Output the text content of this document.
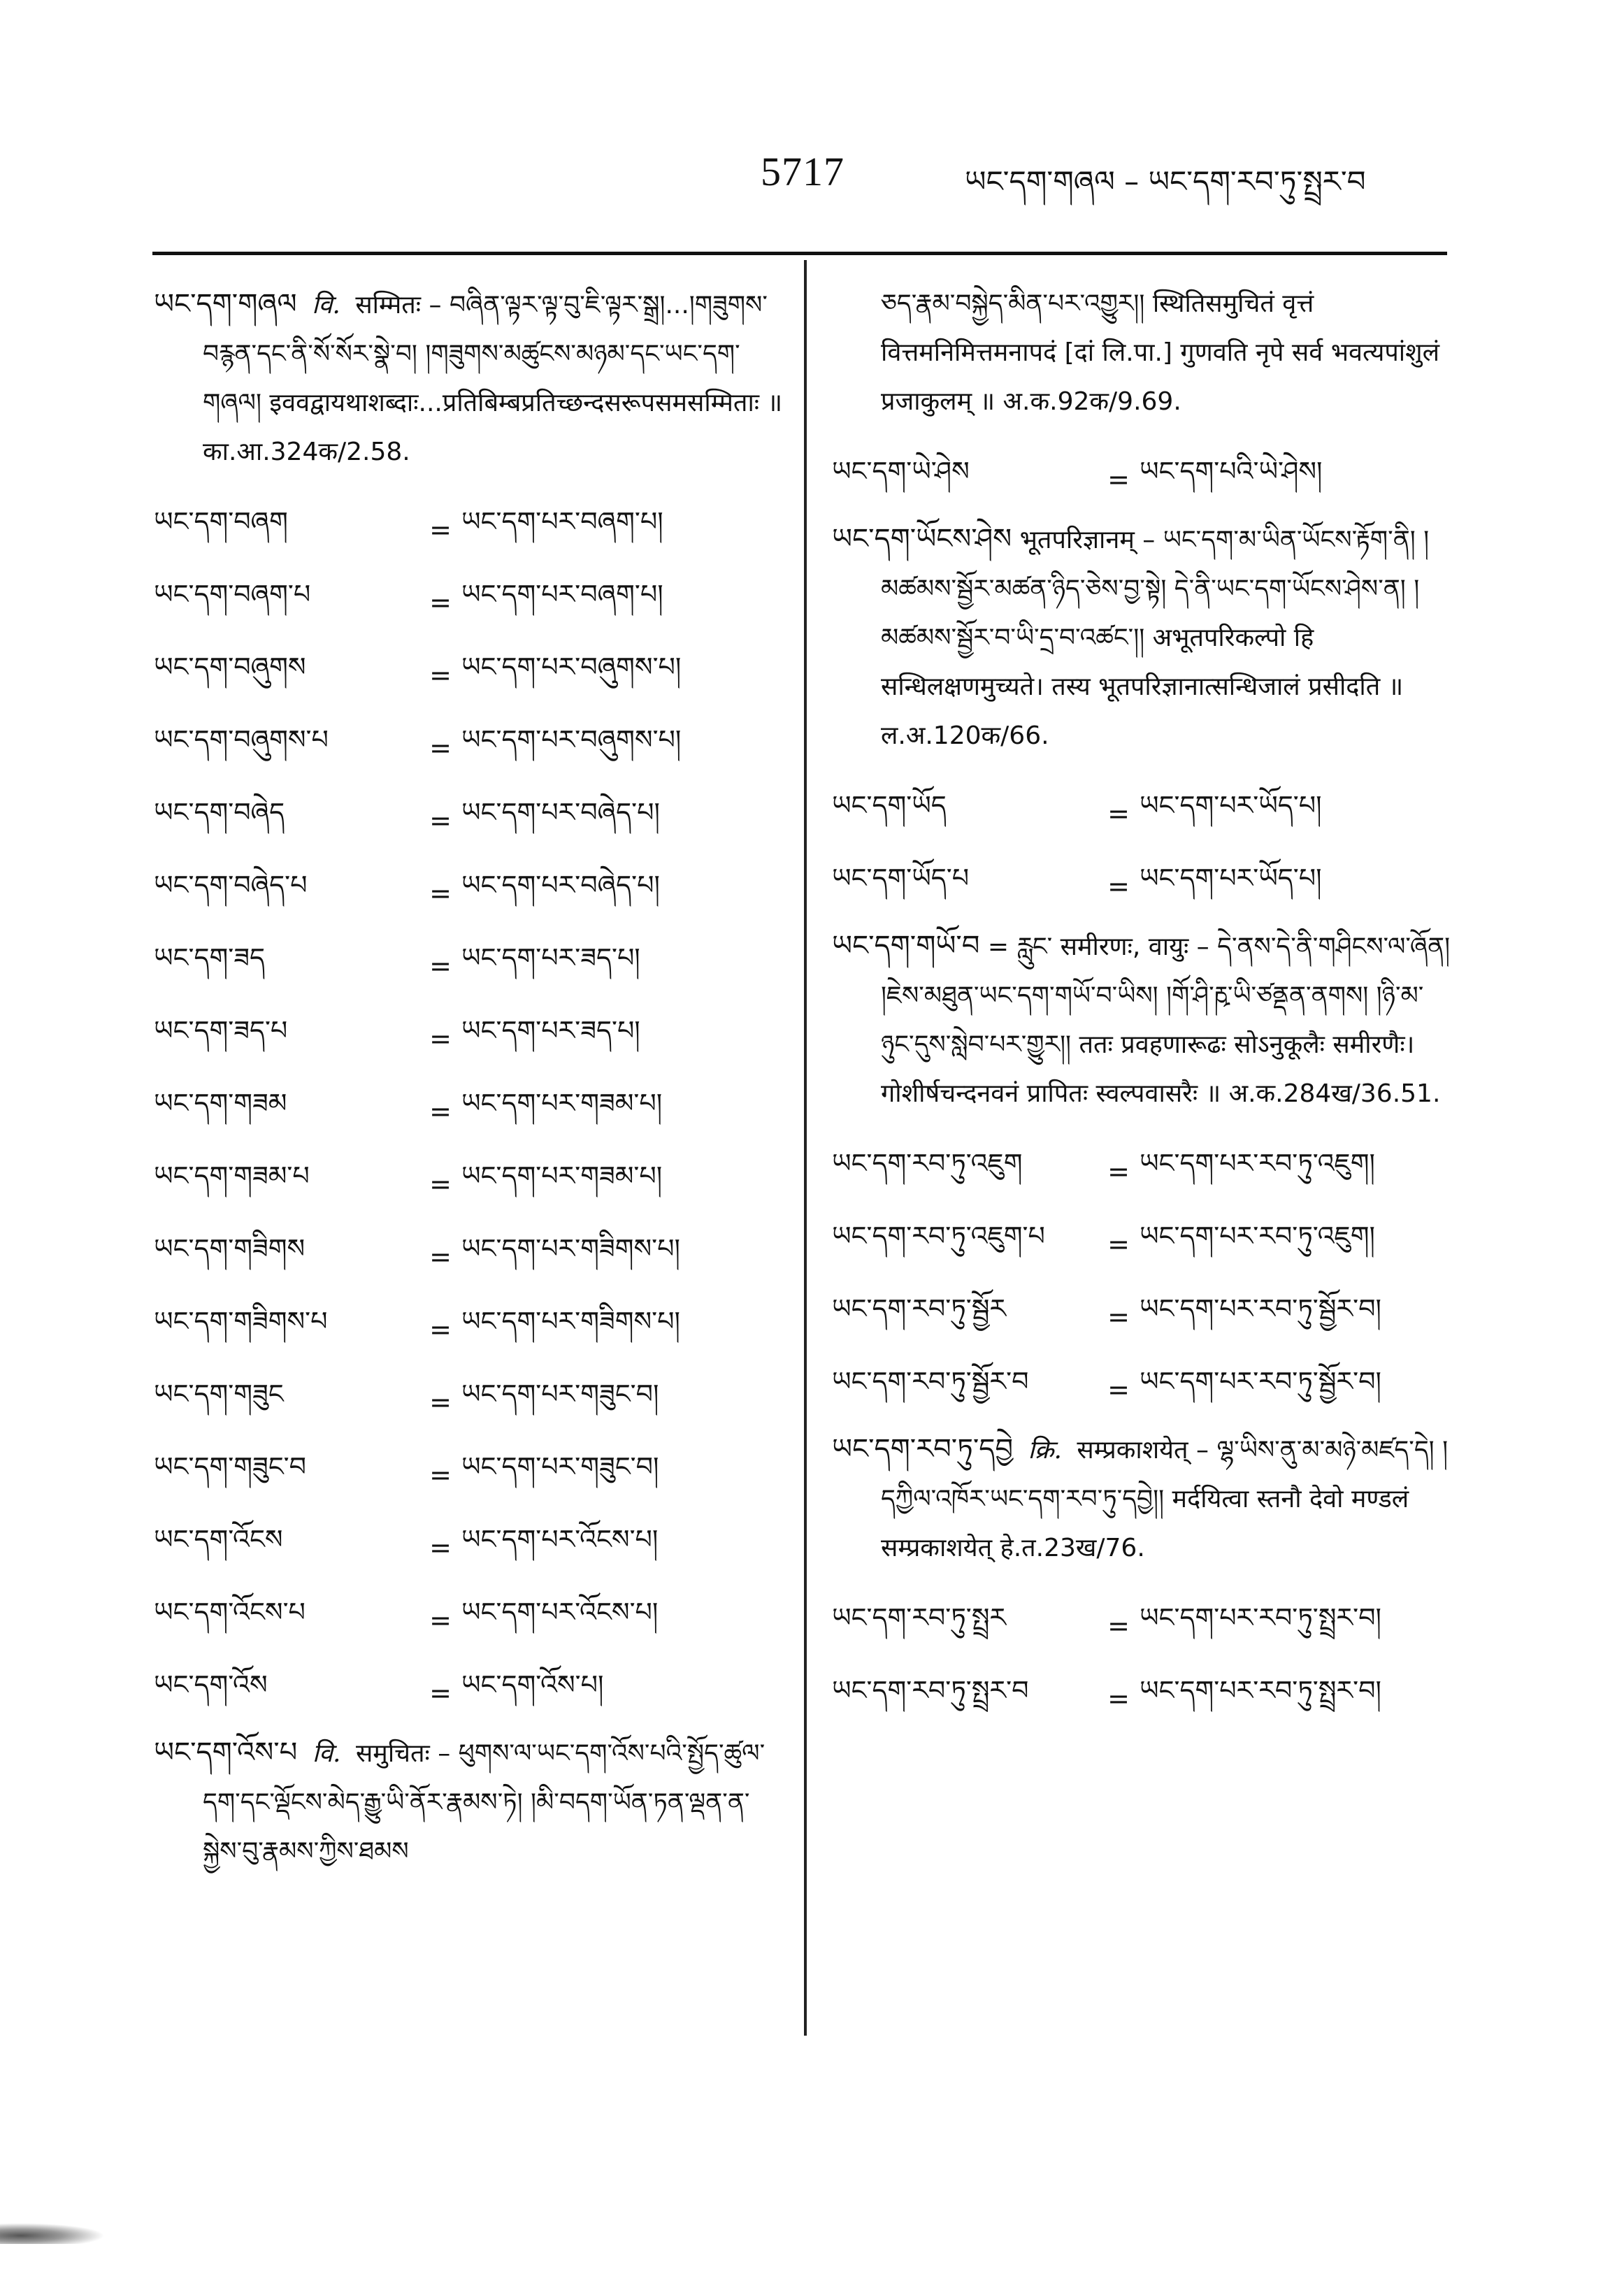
5717	ཡང་དག་གཞལ – ཡང་དག་རབ་ཏུ་སྤྲར་བ
ཡང་དག་གཞལ वि. सम्मितः – བཞིན་ལྟར་ལྟ་བུ་ཇི་ལྟར་སྒྲ།...།གཟུགས་བརྙན་དང་ནི་སོ་སོར་སྣེ་བ། །གཟུགས་མཚུངས་མཉམ་དང་ཡང་དག་གཞལ། इववद्वायथाशब्दाः...प्रतिबिम्बप्रतिच्छन्दसरूपसमसम्मिताः ॥ का.आ.324क/2.58.
ཡང་དག་བཞག	= ཡང་དག་པར་བཞག་པ།
ཡང་དག་བཞག་པ	= ཡང་དག་པར་བཞག་པ།
ཡང་དག་བཞུགས	= ཡང་དག་པར་བཞུགས་པ།
ཡང་དག་བཞུགས་པ	= ཡང་དག་པར་བཞུགས་པ།
ཡང་དག་བཞེད	= ཡང་དག་པར་བཞེད་པ།
ཡང་དག་བཞེད་པ	= ཡང་དག་པར་བཞེད་པ།
ཡང་དག་ཟད	= ཡང་དག་པར་ཟད་པ།
ཡང་དག་ཟད་པ	= ཡང་དག་པར་ཟད་པ།
ཡང་དག་གཟམ	= ཡང་དག་པར་གཟམ་པ།
ཡང་དག་གཟམ་པ	= ཡང་དག་པར་གཟམ་པ།
ཡང་དག་གཟིགས	= ཡང་དག་པར་གཟིགས་པ།
ཡང་དག་གཟིགས་པ	= ཡང་དག་པར་གཟིགས་པ།
ཡང་དག་གཟུང	= ཡང་དག་པར་གཟུང་བ།
ཡང་དག་གཟུང་བ	= ཡང་དག་པར་གཟུང་བ།
ཡང་དག་འོངས	= ཡང་དག་པར་འོངས་པ།
ཡང་དག་འོངས་པ	= ཡང་དག་པར་འོངས་པ།
ཡང་དག་འོས	= ཡང་དག་འོས་པ།
ཡང་དག་འོས་པ वि. समुचितः – ཕུགས་ལ་ཡང་དག་འོས་པའི་སྤྱོད་ཚུལ་དག་དང་ལྡོངས་མེད་རྒྱུ་ཡི་ནོར་རྣམས་ཏེ། །མི་བདག་ཡོན་ཏན་ལྡན་ན་སྐྱེས་བུ་རྣམས་ཀྱིས་ཐམས
ཅད་རྣམ་བསྐྱེད་མིན་པར་འགྱུར།། स्थितिसमुचितं वृत्तं वित्तमनिमित्तमनापदं [दां लि.पा.] गुणवति नृपे सर्व भवत्यपांशुलं प्रजाकुलम् ॥ अ.क.92क/9.69.
ཡང་དག་ཡེ་ཤེས	= ཡང་དག་པའི་ཡེ་ཤེས།
ཡང་དག་ཡོངས་ཤེས भूतपरिज्ञानम् – ཡང་དག་མ་ཡིན་ཡོངས་རྟོག་ནི། །མཚམས་སྦྱོར་མཚན་ཉིད་ཅེས་བྱ་སྟེ། དེ་ནི་ཡང་དག་ཡོངས་ཤེས་ན། །མཚམས་སྦྱོར་བ་ཡི་དྲ་བ་འཚང་།། अभूतपरिकल्पो हि सन्धिलक्षणमुच्यते। तस्य भूतपरिज्ञानात्सन्धिजालं प्रसीदति ॥ ल.अ.120क/66.
ཡང་དག་ཡོད	= ཡང་དག་པར་ཡོད་པ།
ཡང་དག་ཡོད་པ	= ཡང་དག་པར་ཡོད་པ།
ཡང་དག་གཡོ་བ = རླུང་ समीरणः, वायुः – དེ་ནས་དེ་ནི་གཤིངས་ལ་ཞོན། །ཇེས་མཐུན་ཡང་དག་གཡོ་བ་ཡིས། །གོ་ཤི་རྵ་ཡི་ཙནྡན་ནགས། །ཉི་མ་ཉུང་དུས་སླེབ་པར་གྱུར།། ततः प्रवहणारूढः सोऽनुकूलैः समीरणैः। गोशीर्षचन्दनवनं प्रापितः स्वल्पवासरैः ॥ अ.क.284ख/36.51.
ཡང་དག་རབ་ཏུ་འཇུག	= ཡང་དག་པར་རབ་ཏུ་འཇུག།
ཡང་དག་རབ་ཏུ་འཇུག་པ	= ཡང་དག་པར་རབ་ཏུ་འཇུག།
ཡང་དག་རབ་ཏུ་སྦྱོར	= ཡང་དག་པར་རབ་ཏུ་སྦྱོར་བ།
ཡང་དག་རབ་ཏུ་སྦྱོར་བ	= ཡང་དག་པར་རབ་ཏུ་སྦྱོར་བ།
ཡང་དག་རབ་ཏུ་དབྱེ क्रि. सम्प्रकाशयेत् – ལྷ་ཡིས་ནུ་མ་མཉེ་མཛད་དེ། །དཀྱིལ་འཁོར་ཡང་དག་རབ་ཏུ་དབྱེ།། मर्दयित्वा स्तनौ देवो मण्डलं सम्प्रकाशयेत् हे.त.23ख/76.
ཡང་དག་རབ་ཏུ་སྤྲར	= ཡང་དག་པར་རབ་ཏུ་སྤྲར་བ།
ཡང་དག་རབ་ཏུ་སྤྲར་བ	= ཡང་དག་པར་རབ་ཏུ་སྤྲར་བ།
